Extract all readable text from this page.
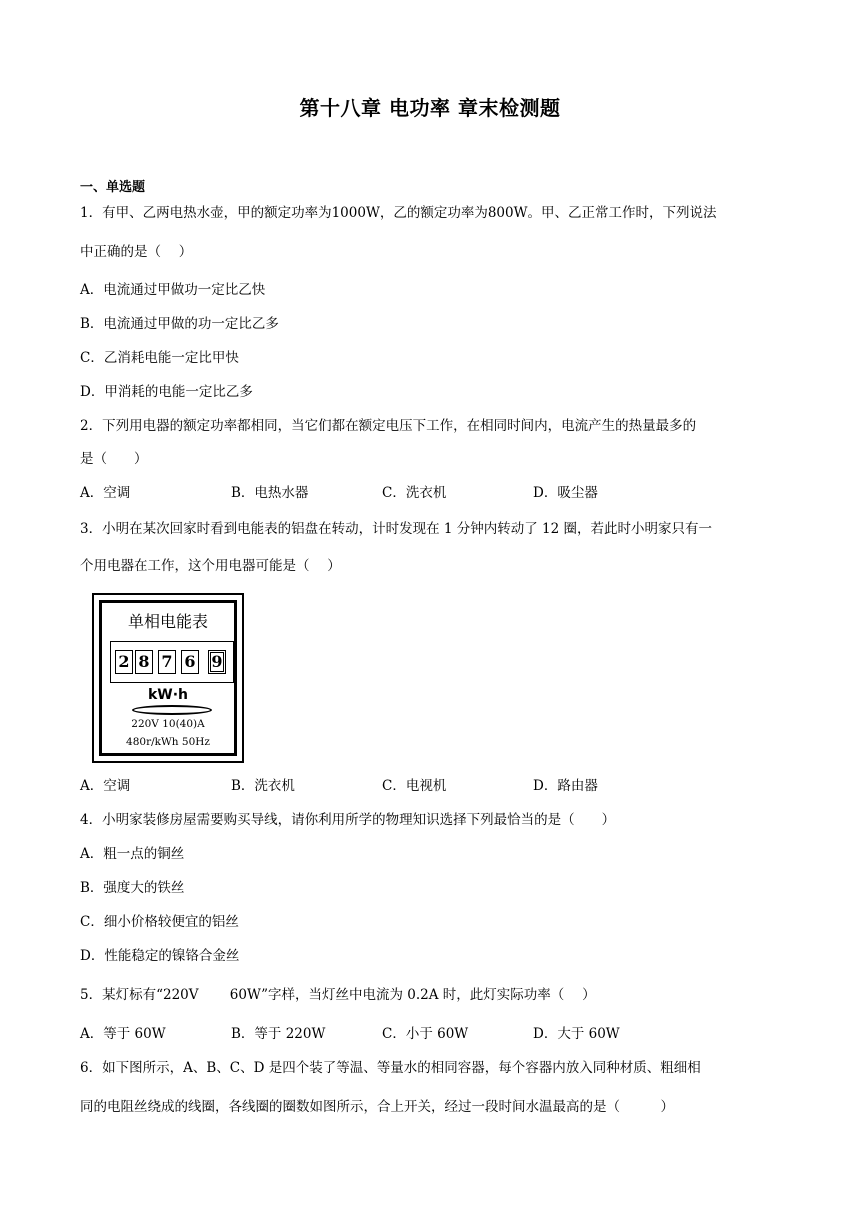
第十八章 电功率 章末检测题
一、单选题
1．有甲、乙两电热水壶，甲的额定功率为1000W，乙的额定功率为800W。甲、乙正常工作时，下列说法
中正确的是（　 ）
A．电流通过甲做功一定比乙快
B．电流通过甲做的功一定比乙多
C．乙消耗电能一定比甲快
D．甲消耗的电能一定比乙多
2．下列用电器的额定功率都相同，当它们都在额定电压下工作，在相同时间内，电流产生的热量最多的
是（　　）
A．空调	B．电热水器	C．洗衣机	D．吸尘器
3．小明在某次回家时看到电能表的铝盘在转动，计时发现在 1 分钟内转动了 12 圈，若此时小明家只有一
个用电器在工作，这个用电器可能是（　 ）
单相电能表
2 8 7 6 9
kW·h
220V 10(40)A
480r/kWh 50Hz
A．空调	B．洗衣机	C．电视机	D．路由器
4．小明家装修房屋需要购买导线，请你利用所学的物理知识选择下列最恰当的是（　　）
A．粗一点的铜丝
B．强度大的铁丝
C．细小价格较便宜的铝丝
D．性能稳定的镍铬合金丝
5．某灯标有“220V　　 60W”字样，当灯丝中电流为 0.2A 时，此灯实际功率（　 ）
A．等于 60W	B．等于 220W	C．小于 60W	D．大于 60W
6．如下图所示，A、B、C、D 是四个装了等温、等量水的相同容器，每个容器内放入同种材质、粗细相
同的电阻丝绕成的线圈，各线圈的圈数如图所示，合上开关，经过一段时间水温最高的是（　　　）
